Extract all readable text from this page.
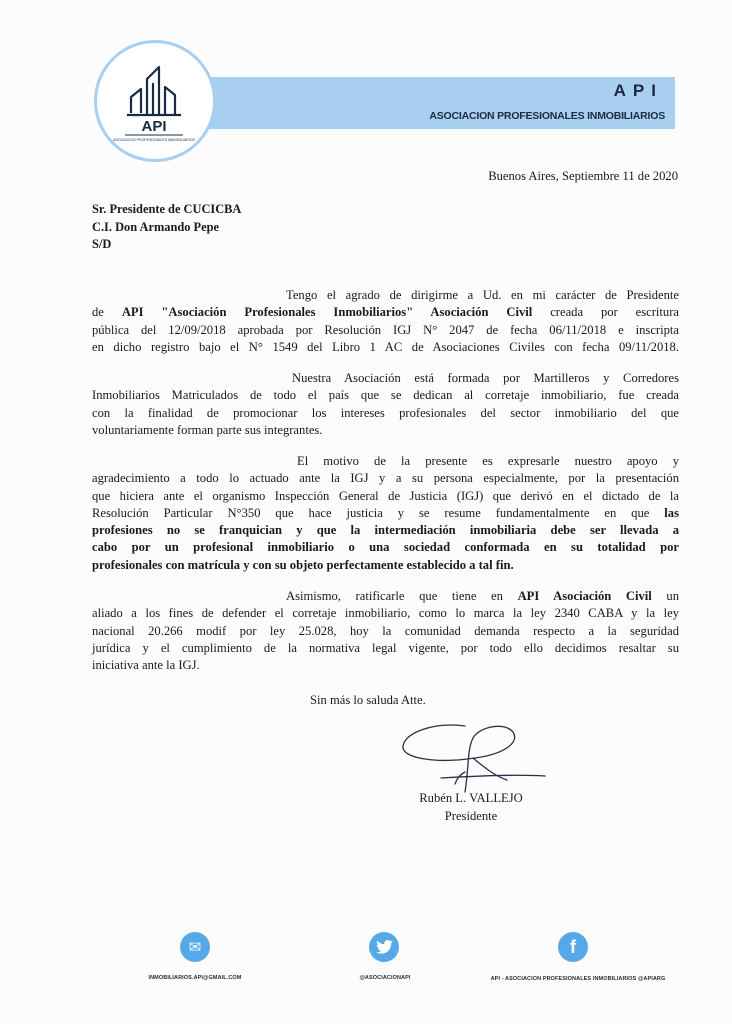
API
ASOCIACION PROFESIONALES INMOBILIARIOS
API
ASOCIACION PROFESIONALES INMOBILIARIOS
Buenos Aires, Septiembre 11 de 2020
Sr. Presidente de CUCICBA
C.I. Don Armando Pepe
S/D
Tengo el agrado de dirigirme a Ud. en mi carácter de Presidente
de API "Asociación Profesionales Inmobiliarios" Asociación Civil creada por escritura
pública del 12/09/2018 aprobada por Resolución IGJ N° 2047 de fecha 06/11/2018 e inscripta
en dicho registro bajo el N° 1549 del Libro 1 AC de Asociaciones Civiles con fecha 09/11/2018.
Nuestra Asociación está formada por Martilleros y Corredores
Inmobiliarios Matriculados de todo el país que se dedican al corretaje inmobiliario, fue creada
con la finalidad de promocionar los intereses profesionales del sector inmobiliario del que
voluntariamente forman parte sus integrantes.
El motivo de la presente es expresarle nuestro apoyo y
agradecimiento a todo lo actuado ante la IGJ y a su persona especialmente, por la presentación
que hiciera ante el organismo Inspección General de Justicia (IGJ) que derivó en el dictado de la
Resolución Particular N°350 que hace justicia y se resume fundamentalmente en que las
profesiones no se franquician y que la intermediación inmobiliaria debe ser llevada a
cabo por un profesional inmobiliario o una sociedad conformada en su totalidad por
profesionales con matrícula y con su objeto perfectamente establecido a tal fin.
Asimismo, ratificarle que tiene en API Asociación Civil un
aliado a los fines de defender el corretaje inmobiliario, como lo marca la ley 2340 CABA y la ley
nacional 20.266 modif por ley 25.028, hoy la comunidad demanda respecto a la seguridad
jurídica y el cumplimiento de la normativa legal vigente, por todo ello decidimos resaltar su
iniciativa ante la IGJ.
Sin más lo saluda Atte.
Rubén L. VALLEJO
Presidente
✉	f
INMOBILIARIOS.API@GMAIL.COM	@ASOCIACIONAPI	API - ASOCIACION PROFESIONALES INMOBILIARIOS @APIARG
